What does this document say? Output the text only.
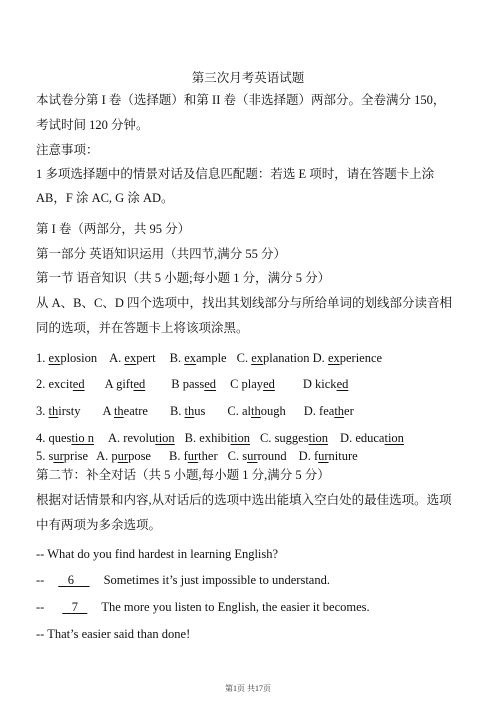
第三次月考英语试题
本试卷分第 I 卷（选择题）和第 II 卷（非选择题）两部分。全卷满分 150，
考试时间 120 分钟。
注意事项：
1 多项选择题中的情景对话及信息匹配题：若选 E 项时，请在答题卡上涂
AB，F 涂 AC, G 涂 AD。
第 I 卷（两部分，共 95 分）
第一部分 英语知识运用（共四节,满分 55 分）
第一节 语音知识（共 5 小题;每小题 1 分，满分 5 分）
从 A、B、C、D 四个选项中，找出其划线部分与所给单词的划线部分读音相
同的选项，并在答题卡上将该项涂黑。
1. explosion A. expert B. example C. explanation D. experience
2. excited A gifted B passed C played D kicked
3. thirsty A theatre B. thus C. although D. feather
4. questio n A. revolution B. exhibition C. suggestion D. education
5. surprise A. purpose B. further C. surround D. furniture
第二节：补全对话（共 5 小题,每小题 1 分,满分 5 分）
根据对话情景和内容,从对话后的选项中选出能填入空白处的最佳选项。选项
中有两项为多余选项。
-- What do you find hardest in learning English?
-- 6 Sometimes it’s just impossible to understand.
-- 7 The more you listen to English, the easier it becomes.
-- That’s easier said than done!
第1页 共17页
